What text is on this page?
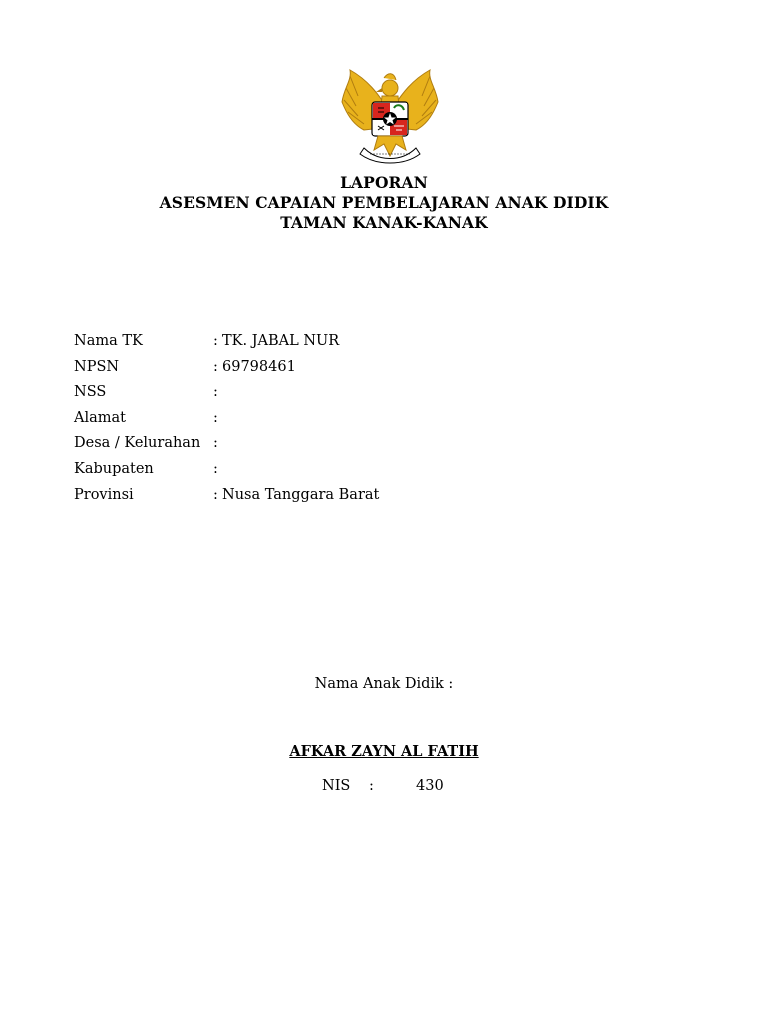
LAPORAN
ASESMEN CAPAIAN PEMBELAJARAN ANAK DIDIK
TAMAN KANAK-KANAK
Nama TK	: TK. JABAL NUR
NPSN	: 69798461
NSS	:
Alamat	:
Desa / Kelurahan :
Kabupaten	:
Provinsi	: Nusa Tanggara Barat
Nama Anak Didik :
AFKAR ZAYN AL FATIH
NIS :	430
